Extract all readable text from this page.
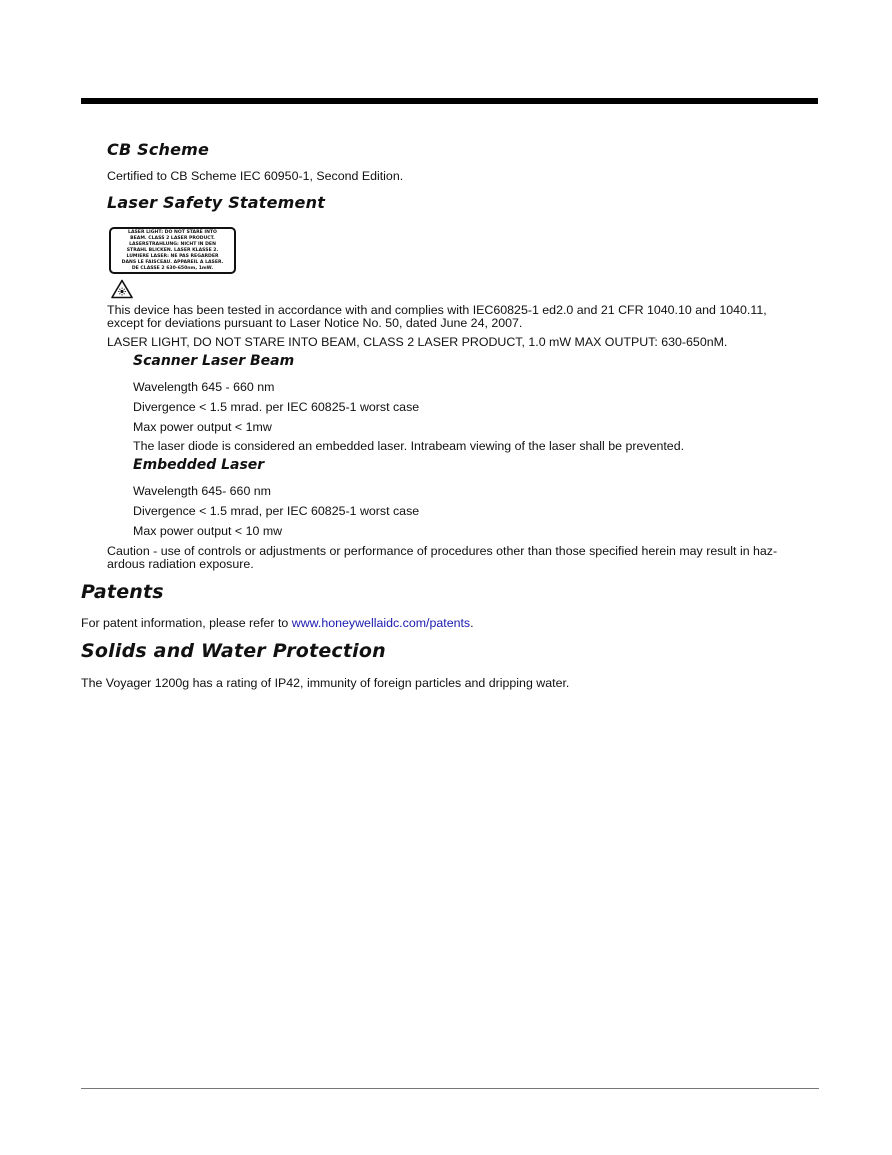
CB Scheme
Certified to CB Scheme IEC 60950-1, Second Edition.
Laser Safety Statement
LASER LIGHT: DO NOT STARE INTO
BEAM. CLASS 2 LASER PRODUCT.
LASERSTRAHLUNG: NICHT IN DEN
STRAHL BLICKEN. LASER KLASSE 2.
LUMIERE LASER: NE PAS REGARDER
DANS LE FAISCEAU. APPAREIL A LASER.
DE CLASSE 2 630-650nm, 1mW.
This device has been tested in accordance with and complies with IEC60825-1 ed2.0 and 21 CFR 1040.10 and 1040.11,
except for deviations pursuant to Laser Notice No. 50, dated June 24, 2007.
LASER LIGHT, DO NOT STARE INTO BEAM, CLASS 2 LASER PRODUCT, 1.0 mW MAX OUTPUT: 630-650nM.
Scanner Laser Beam
Wavelength 645 - 660 nm
Divergence < 1.5 mrad. per IEC 60825-1 worst case
Max power output < 1mw
The laser diode is considered an embedded laser. Intrabeam viewing of the laser shall be prevented.
Embedded Laser
Wavelength 645- 660 nm
Divergence < 1.5 mrad, per IEC 60825-1 worst case
Max power output < 10 mw
Caution - use of controls or adjustments or performance of procedures other than those specified herein may result in haz-
ardous radiation exposure.
Patents
For patent information, please refer to www.honeywellaidc.com/patents.
Solids and Water Protection
The Voyager 1200g has a rating of IP42, immunity of foreign particles and dripping water.
